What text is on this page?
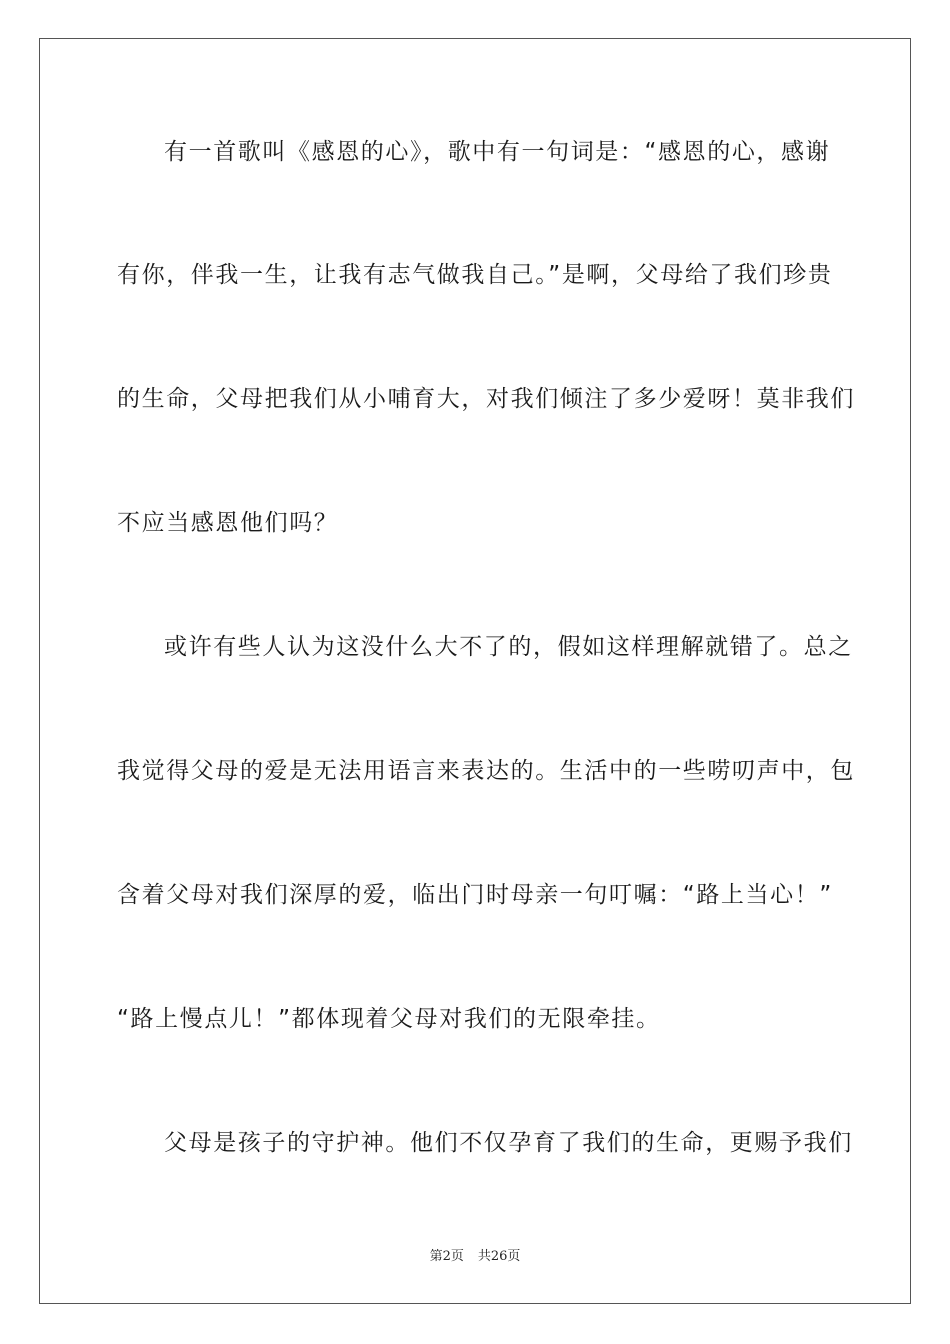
有一首歌叫《感恩的心》，歌中有一句词是：“感恩的心，感谢
有你，伴我一生，让我有志气做我自己。”是啊，父母给了我们珍贵
的生命，父母把我们从小哺育大，对我们倾注了多少爱呀！莫非我们
不应当感恩他们吗？
或许有些人认为这没什么大不了的，假如这样理解就错了。总之
我觉得父母的爱是无法用语言来表达的。生活中的一些唠叨声中，包
含着父母对我们深厚的爱，临出门时母亲一句叮嘱：“路上当心！”
“路上慢点儿！”都体现着父母对我们的无限牵挂。
父母是孩子的守护神。他们不仅孕育了我们的生命，更赐予我们
第2页 共26页
